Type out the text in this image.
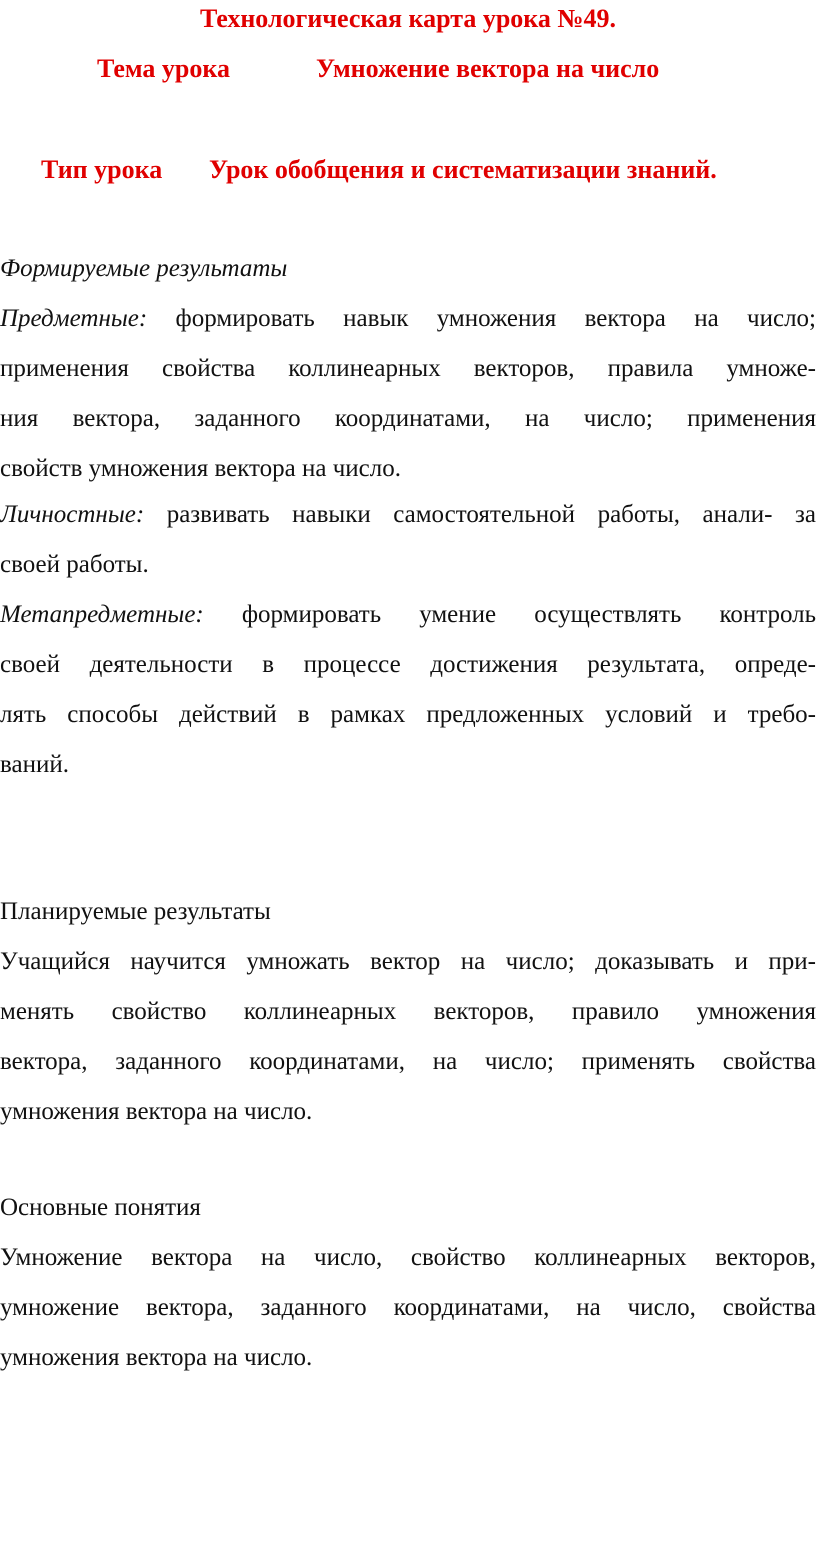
Технологическая карта урока №49.
Тема урока	Умножение вектора на число
Тип урока Урок обобщения и систематизации знаний.
Формируемые результаты
Предметные: формировать навык умножения вектора на число;
применения свойства коллинеарных векторов, правила умноже-
ния вектора, заданного координатами, на число; применения
свойств умножения вектора на число.
Личностные: развивать навыки самостоятельной работы, анали- за
своей работы.
Метапредметные: формировать умение осуществлять контроль
своей деятельности в процессе достижения результата, опреде-
лять способы действий в рамках предложенных условий и требо-
ваний.
Планируемые результаты
Учащийся научится умножать вектор на число; доказывать и при-
менять свойство коллинеарных векторов, правило умножения
вектора, заданного координатами, на число; применять свойства
умножения вектора на число.
Основные понятия
Умножение вектора на число, свойство коллинеарных векторов,
умножение вектора, заданного координатами, на число, свойства
умножения вектора на число.
